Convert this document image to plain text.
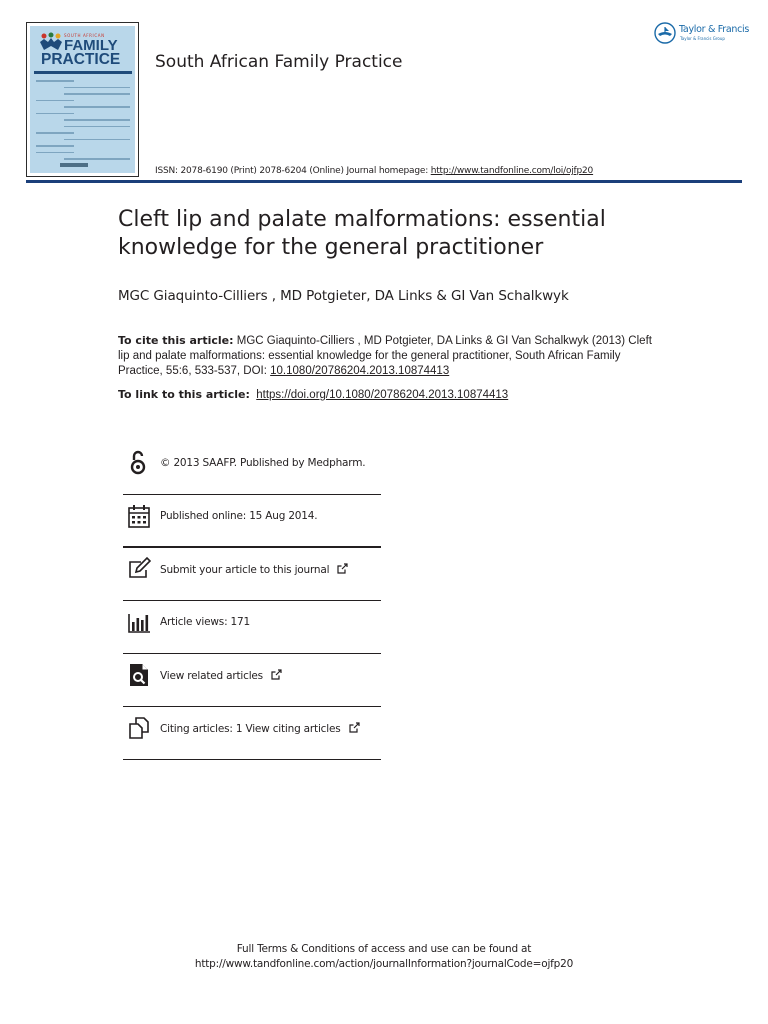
SOUTH AFRICAN
FAMILY
PRACTICE South African Family Practice
ISSN: 2078-6190 (Print) 2078-6204 (Online) Journal homepage: http://www.tandfonline.com/loi/ojfp20
Taylor & Francis
Taylor & Francis Group
Cleft lip and palate malformations: essential knowledge for the general practitioner
MGC Giaquinto-Cilliers , MD Potgieter, DA Links & GI Van Schalkwyk
To cite this article: MGC Giaquinto-Cilliers , MD Potgieter, DA Links & GI Van Schalkwyk (2013) Cleft lip and palate malformations: essential knowledge for the general practitioner, South African Family Practice, 55:6, 533-537, DOI: 10.1080/20786204.2013.10874413
To link to this article: https://doi.org/10.1080/20786204.2013.10874413
© 2013 SAAFP. Published by Medpharm.
Published online: 15 Aug 2014.
Submit your article to this journal
Article views: 171
View related articles
Citing articles: 1 View citing articles
Full Terms & Conditions of access and use can be found at
http://www.tandfonline.com/action/journalInformation?journalCode=ojfp20
